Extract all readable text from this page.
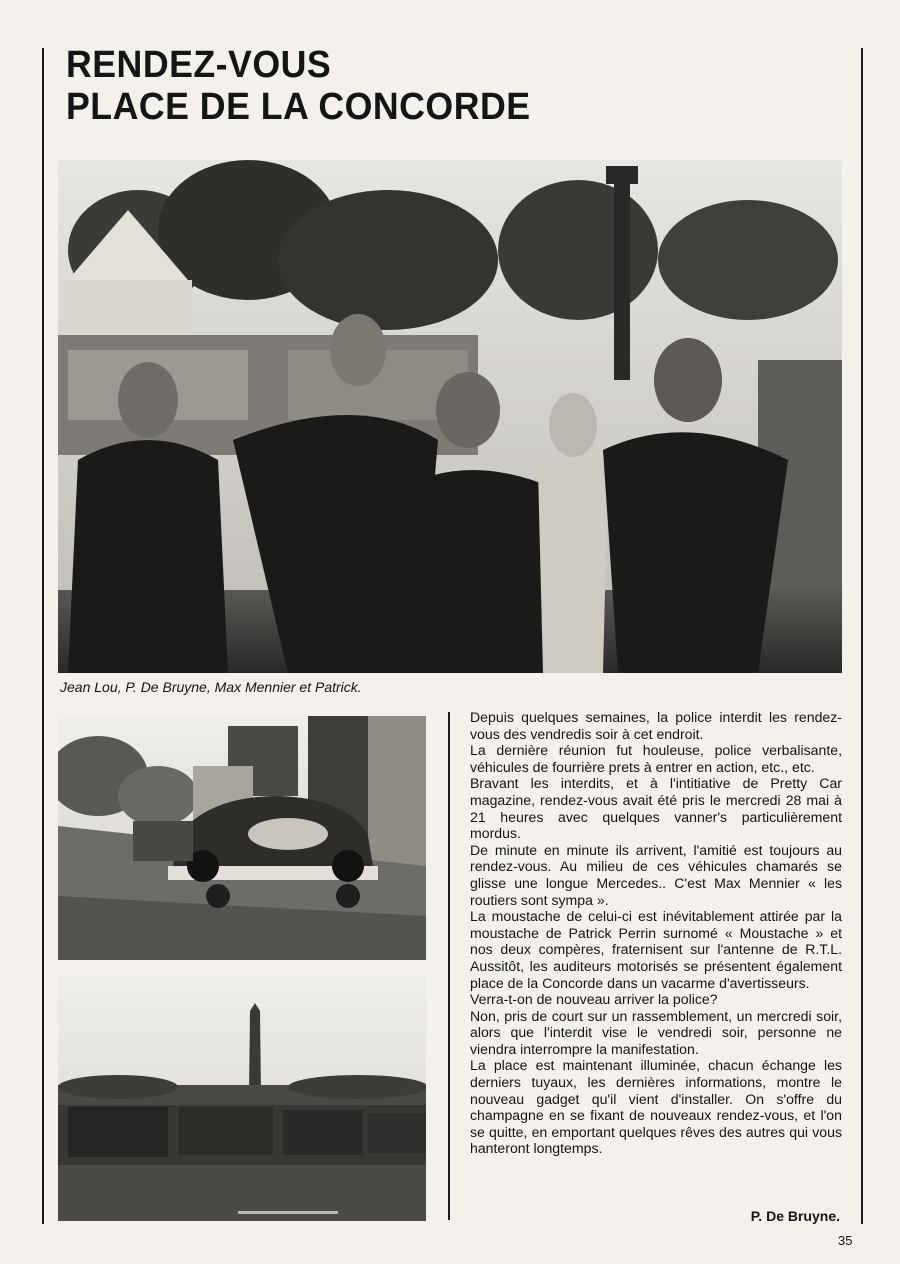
RENDEZ-VOUS
PLACE DE LA CONCORDE
Jean Lou, P. De Bruyne, Max Mennier et Patrick.

Depuis quelques semaines, la police interdit les rendez-vous des vendredis soir à cet endroit.

La dernière réunion fut houleuse, police verbalisante, véhicules de fourrière prets à entrer en action, etc., etc.

Bravant les interdits, et à l'intitiative de Pretty Car magazine, rendez-vous avait été pris le mercredi 28 mai à 21 heures avec quelques vanner's particulièrement mordus.

De minute en minute ils arrivent, l'amitié est toujours au rendez-vous. Au milieu de ces véhicules chamarés se glisse une longue Mercedes.. C'est Max Mennier « les routiers sont sympa ».

La moustache de celui-ci est inévitablement attirée par la moustache de Patrick Perrin surnomé « Moustache » et nos deux compères, fraternisent sur l'antenne de R.T.L. Aussitôt, les auditeurs motorisés se présentent également place de la Concorde dans un vacarme d'avertisseurs.

Verra-t-on de nouveau arriver la police?

Non, pris de court sur un rassemblement, un mercredi soir, alors que l'interdit vise le vendredi soir, personne ne viendra interrompre la manifestation.

La place est maintenant illuminée, chacun échange les derniers tuyaux, les dernières informations, montre le nouveau gadget qu'il vient d'installer. On s'offre du champagne en se fixant de nouveaux rendez-vous, et l'on se quitte, en emportant quelques rêves des autres qui vous hanteront longtemps.

P. De Bruyne.
35
